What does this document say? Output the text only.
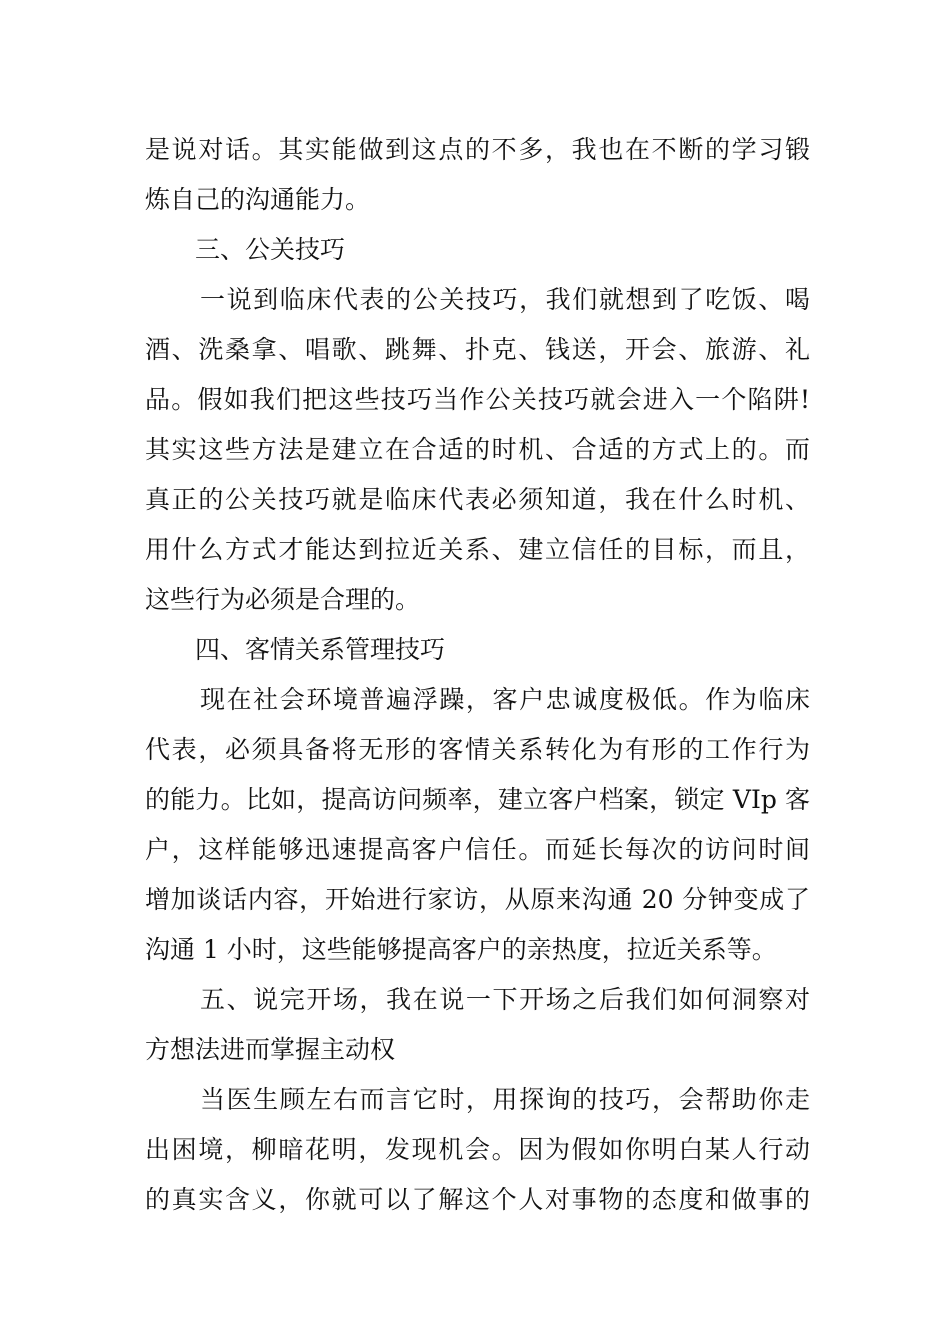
是说对话。其实能做到这点的不多，我也在不断的学习锻

炼自己的沟通能力。

三、公关技巧

一说到临床代表的公关技巧，我们就想到了吃饭、喝

酒、洗桑拿、唱歌、跳舞、扑克、钱送，开会、旅游、礼

品。假如我们把这些技巧当作公关技巧就会进入一个陷阱!

其实这些方法是建立在合适的时机、合适的方式上的。而

真正的公关技巧就是临床代表必须知道，我在什么时机、

用什么方式才能达到拉近关系、建立信任的目标，而且，

这些行为必须是合理的。

四、客情关系管理技巧

现在社会环境普遍浮躁，客户忠诚度极低。作为临床

代表，必须具备将无形的客情关系转化为有形的工作行为

的能力。比如，提高访问频率，建立客户档案，锁定 VIp 客

户，这样能够迅速提高客户信任。而延长每次的访问时间

增加谈话内容，开始进行家访，从原来沟通 20 分钟变成了

沟通 1 小时，这些能够提高客户的亲热度，拉近关系等。

五、说完开场，我在说一下开场之后我们如何洞察对

方想法进而掌握主动权

当医生顾左右而言它时，用探询的技巧，会帮助你走

出困境，柳暗花明，发现机会。因为假如你明白某人行动

的真实含义，你就可以了解这个人对事物的态度和做事的
